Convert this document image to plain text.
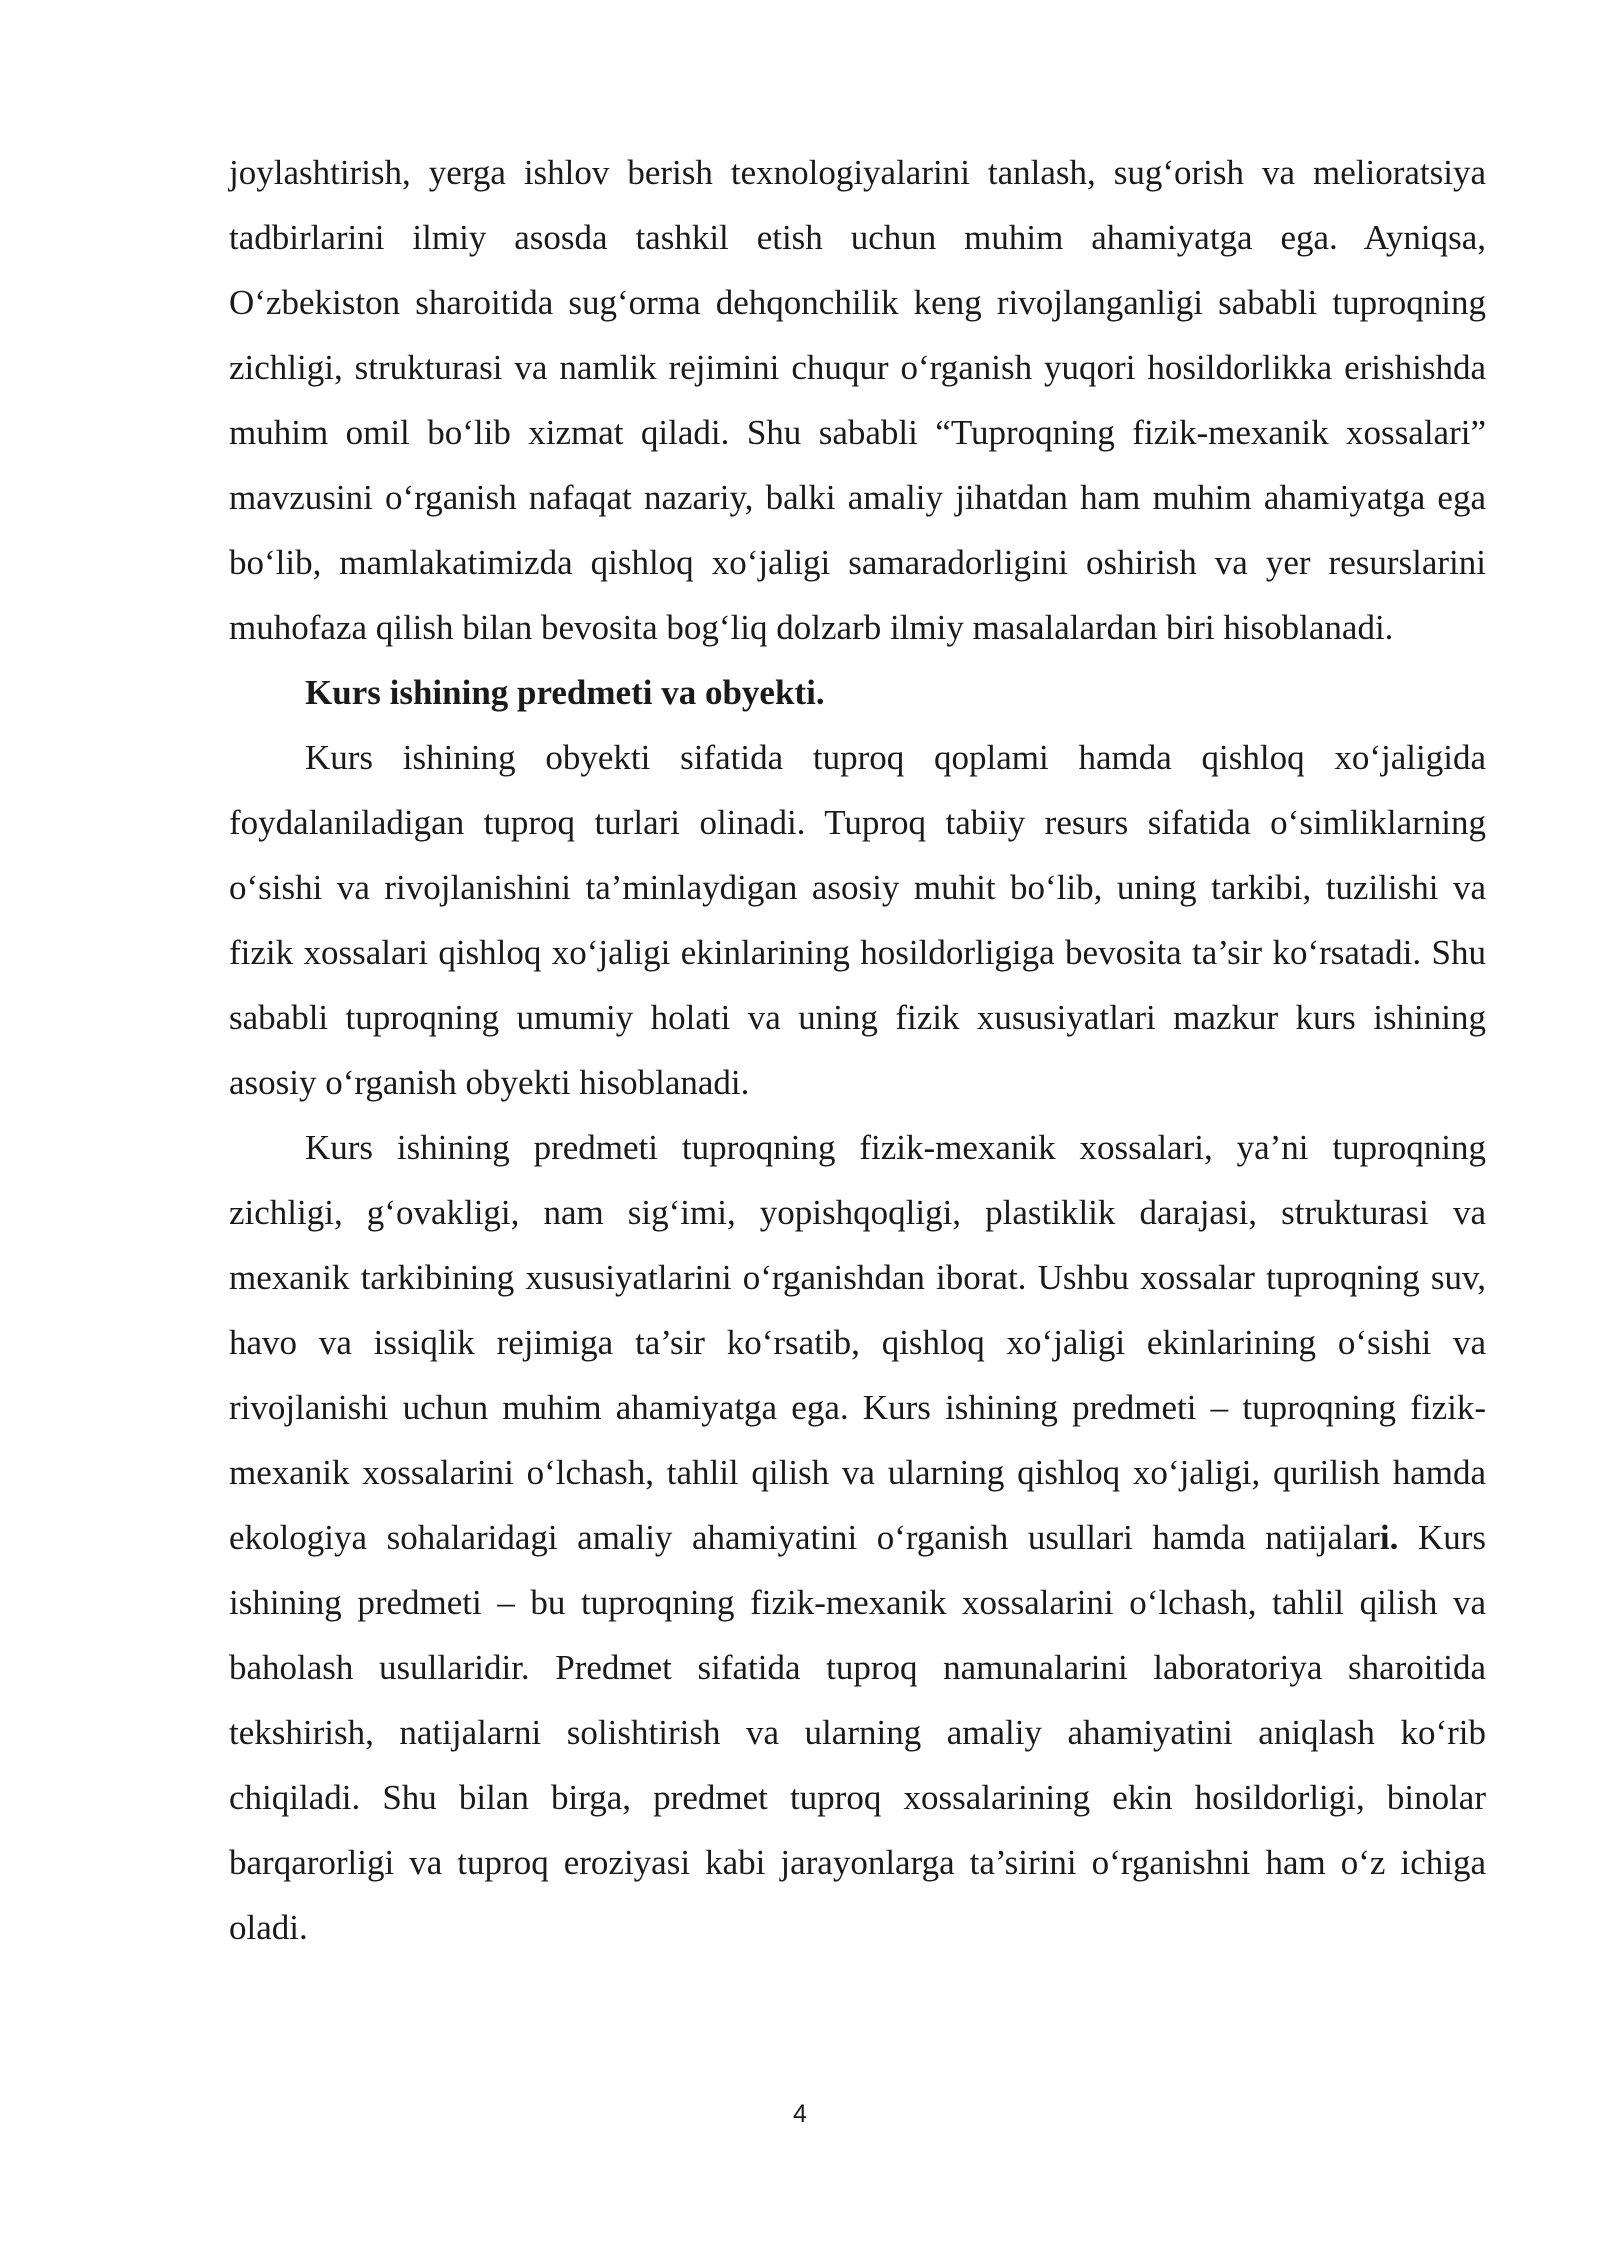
joylashtirish, yerga ishlov berish texnologiyalarini tanlash, sug‘orish va melioratsiya tadbirlarini ilmiy asosda tashkil etish uchun muhim ahamiyatga ega. Ayniqsa, O‘zbekiston sharoitida sug‘orma dehqonchilik keng rivojlanganligi sababli tuproqning zichligi, strukturasi va namlik rejimini chuqur o‘rganish yuqori hosildorlikka erishishda muhim omil bo‘lib xizmat qiladi. Shu sababli “Tuproqning fizik-mexanik xossalari” mavzusini o‘rganish nafaqat nazariy, balki amaliy jihatdan ham muhim ahamiyatga ega bo‘lib, mamlakatimizda qishloq xo‘jaligi samaradorligini oshirish va yer resurslarini muhofaza qilish bilan bevosita bog‘liq dolzarb ilmiy masalalardan biri hisoblanadi.

Kurs ishining predmeti va obyekti.

Kurs ishining obyekti sifatida tuproq qoplami hamda qishloq xo‘jaligida foydalaniladigan tuproq turlari olinadi. Tuproq tabiiy resurs sifatida o‘simliklarning o‘sishi va rivojlanishini ta’minlaydigan asosiy muhit bo‘lib, uning tarkibi, tuzilishi va fizik xossalari qishloq xo‘jaligi ekinlarining hosildorligiga bevosita ta’sir ko‘rsatadi. Shu sababli tuproqning umumiy holati va uning fizik xususiyatlari mazkur kurs ishining asosiy o‘rganish obyekti hisoblanadi.

Kurs ishining predmeti tuproqning fizik-mexanik xossalari, ya’ni tuproqning zichligi, g‘ovakligi, nam sig‘imi, yopishqoqligi, plastiklik darajasi, strukturasi va mexanik tarkibining xususiyatlarini o‘rganishdan iborat. Ushbu xossalar tuproqning suv, havo va issiqlik rejimiga ta’sir ko‘rsatib, qishloq xo‘jaligi ekinlarining o‘sishi va rivojlanishi uchun muhim ahamiyatga ega. Kurs ishining predmeti – tuproqning fizik-mexanik xossalarini o‘lchash, tahlil qilish va ularning qishloq xo‘jaligi, qurilish hamda ekologiya sohalaridagi amaliy ahamiyatini o‘rganish usullari hamda natijalari. Kurs ishining predmeti – bu tuproqning fizik-mexanik xossalarini o‘lchash, tahlil qilish va baholash usullaridir. Predmet sifatida tuproq namunalarini laboratoriya sharoitida tekshirish, natijalarni solishtirish va ularning amaliy ahamiyatini aniqlash ko‘rib chiqiladi. Shu bilan birga, predmet tuproq xossalarining ekin hosildorligi, binolar barqarorligi va tuproq eroziyasi kabi jarayonlarga ta’sirini o‘rganishni ham o‘z ichiga oladi.

4
